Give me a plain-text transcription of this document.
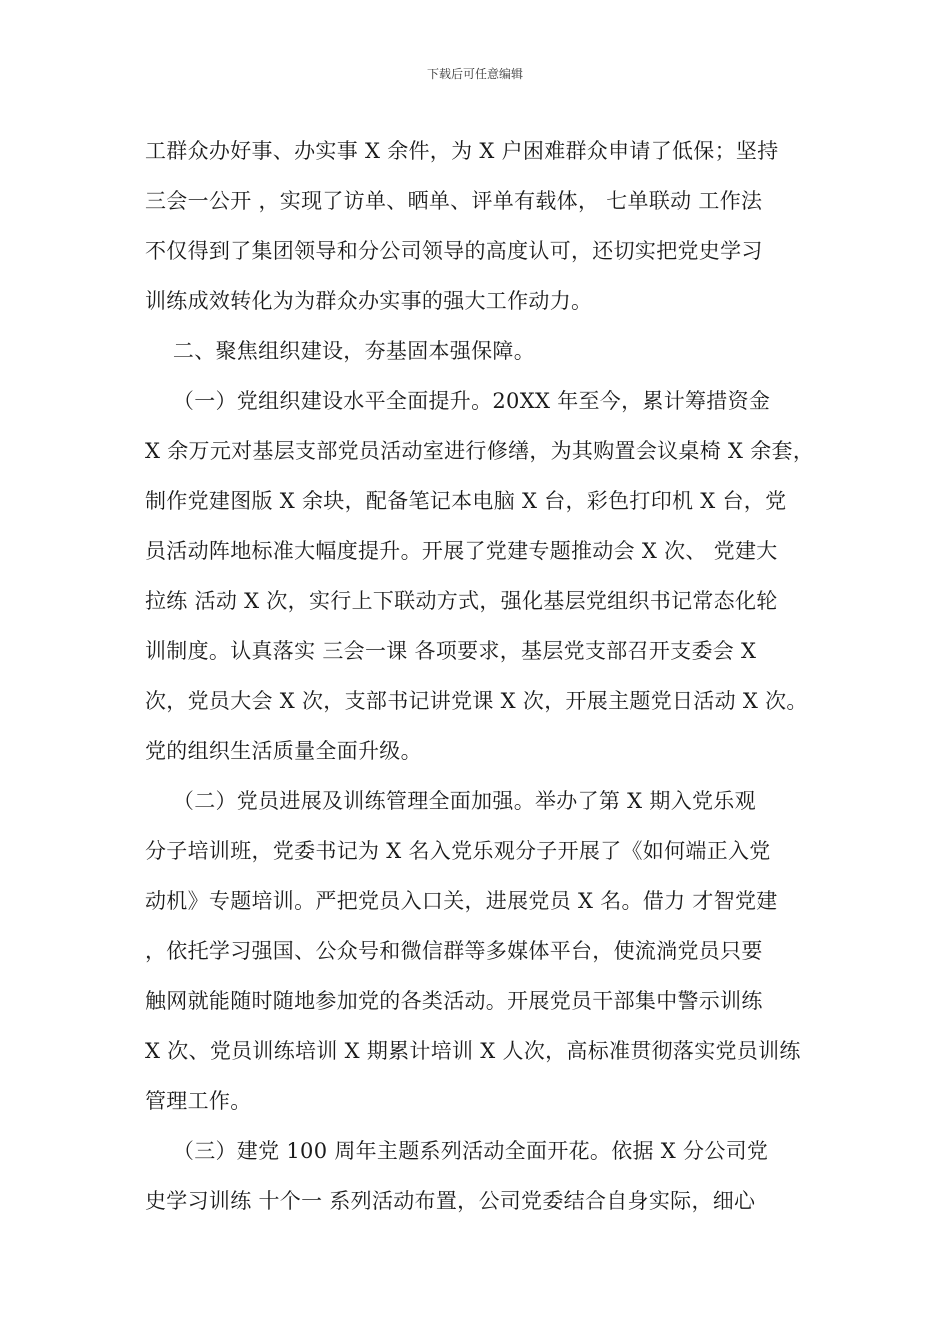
下载后可任意编辑
工群众办好事、办实事 X 余件，为 X 户困难群众申请了低保；坚持
三会一公开 ，实现了访单、晒单、评单有载体， 七单联动 工作法
不仅得到了集团领导和分公司领导的高度认可，还切实把党史学习
训练成效转化为为群众办实事的强大工作动力。
二、聚焦组织建设，夯基固本强保障。
（一）党组织建设水平全面提升。20XX 年至今，累计筹措资金
X 余万元对基层支部党员活动室进行修缮，为其购置会议桌椅 X 余套，
制作党建图版 X 余块，配备笔记本电脑 X 台，彩色打印机 X 台，党
员活动阵地标准大幅度提升。开展了党建专题推动会 X 次、 党建大
拉练 活动 X 次，实行上下联动方式，强化基层党组织书记常态化轮
训制度。认真落实 三会一课 各项要求，基层党支部召开支委会 X
次，党员大会 X 次，支部书记讲党课 X 次，开展主题党日活动 X 次。
党的组织生活质量全面升级。
（二）党员进展及训练管理全面加强。举办了第 X 期入党乐观
分子培训班，党委书记为 X 名入党乐观分子开展了《如何端正入党
动机》专题培训。严把党员入口关，进展党员 X 名。借力 才智党建
，依托学习强国、公众号和微信群等多媒体平台，使流淌党员只要
触网就能随时随地参加党的各类活动。开展党员干部集中警示训练
X 次、党员训练培训 X 期累计培训 X 人次，高标准贯彻落实党员训练
管理工作。
（三）建党 100 周年主题系列活动全面开花。依据 X 分公司党
史学习训练 十个一 系列活动布置，公司党委结合自身实际，细心
